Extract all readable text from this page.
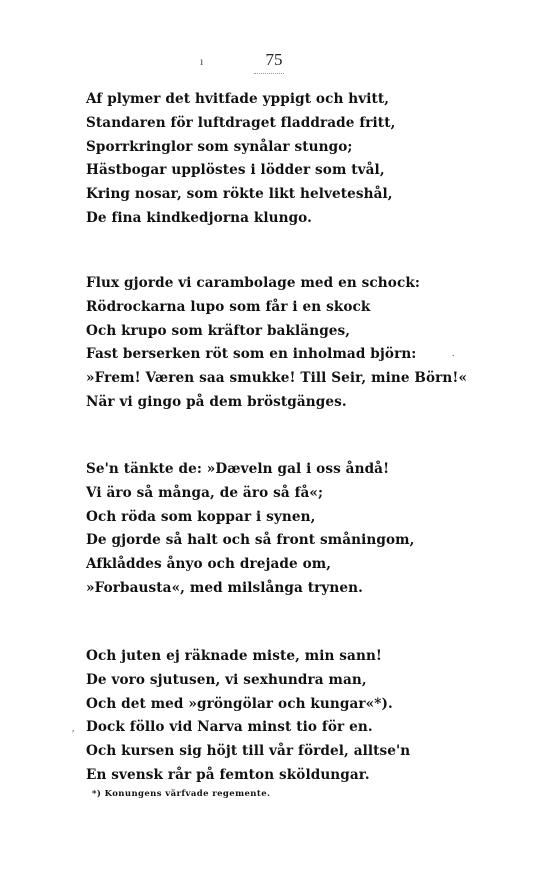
ı	75
Af plymer det hvitfade yppigt och hvitt,
Standaren för luftdraget fladdrade fritt,
Sporrkringlor som synålar stungo;
Hästbogar upplöstes i lödder som tvål,
Kring nosar, som rökte likt helveteshål,
De fina kindkedjorna klungo.
Flux gjorde vi carambolage med en schock:
Rödrockarna lupo som får i en skock
Och krupo som kräftor baklänges,
Fast berserken röt som en inholmad björn:
»Frem! Væren saa smukke! Till Seir, mine Börn!«
När vi gingo på dem bröstgänges.
.
Se'n tänkte de: »Dæveln gal i oss åndå!
Vi äro så många, de äro så få«;
Och röda som koppar i synen,
De gjorde så halt och så front småningom,
Afklåddes ånyo och drejade om,
»Forbausta«, med milslånga trynen.
Och juten ej räknade miste, min sann!
De voro sjutusen, vi sexhundra man,
Och det med »gröngölar och kungar«*).
Dock föllo vid Narva minst tio för en.
Och kursen sig höjt till vår fördel, alltse'n
En svensk rår på femton sköldungar.
′
*) Konungens värfvade regemente.
